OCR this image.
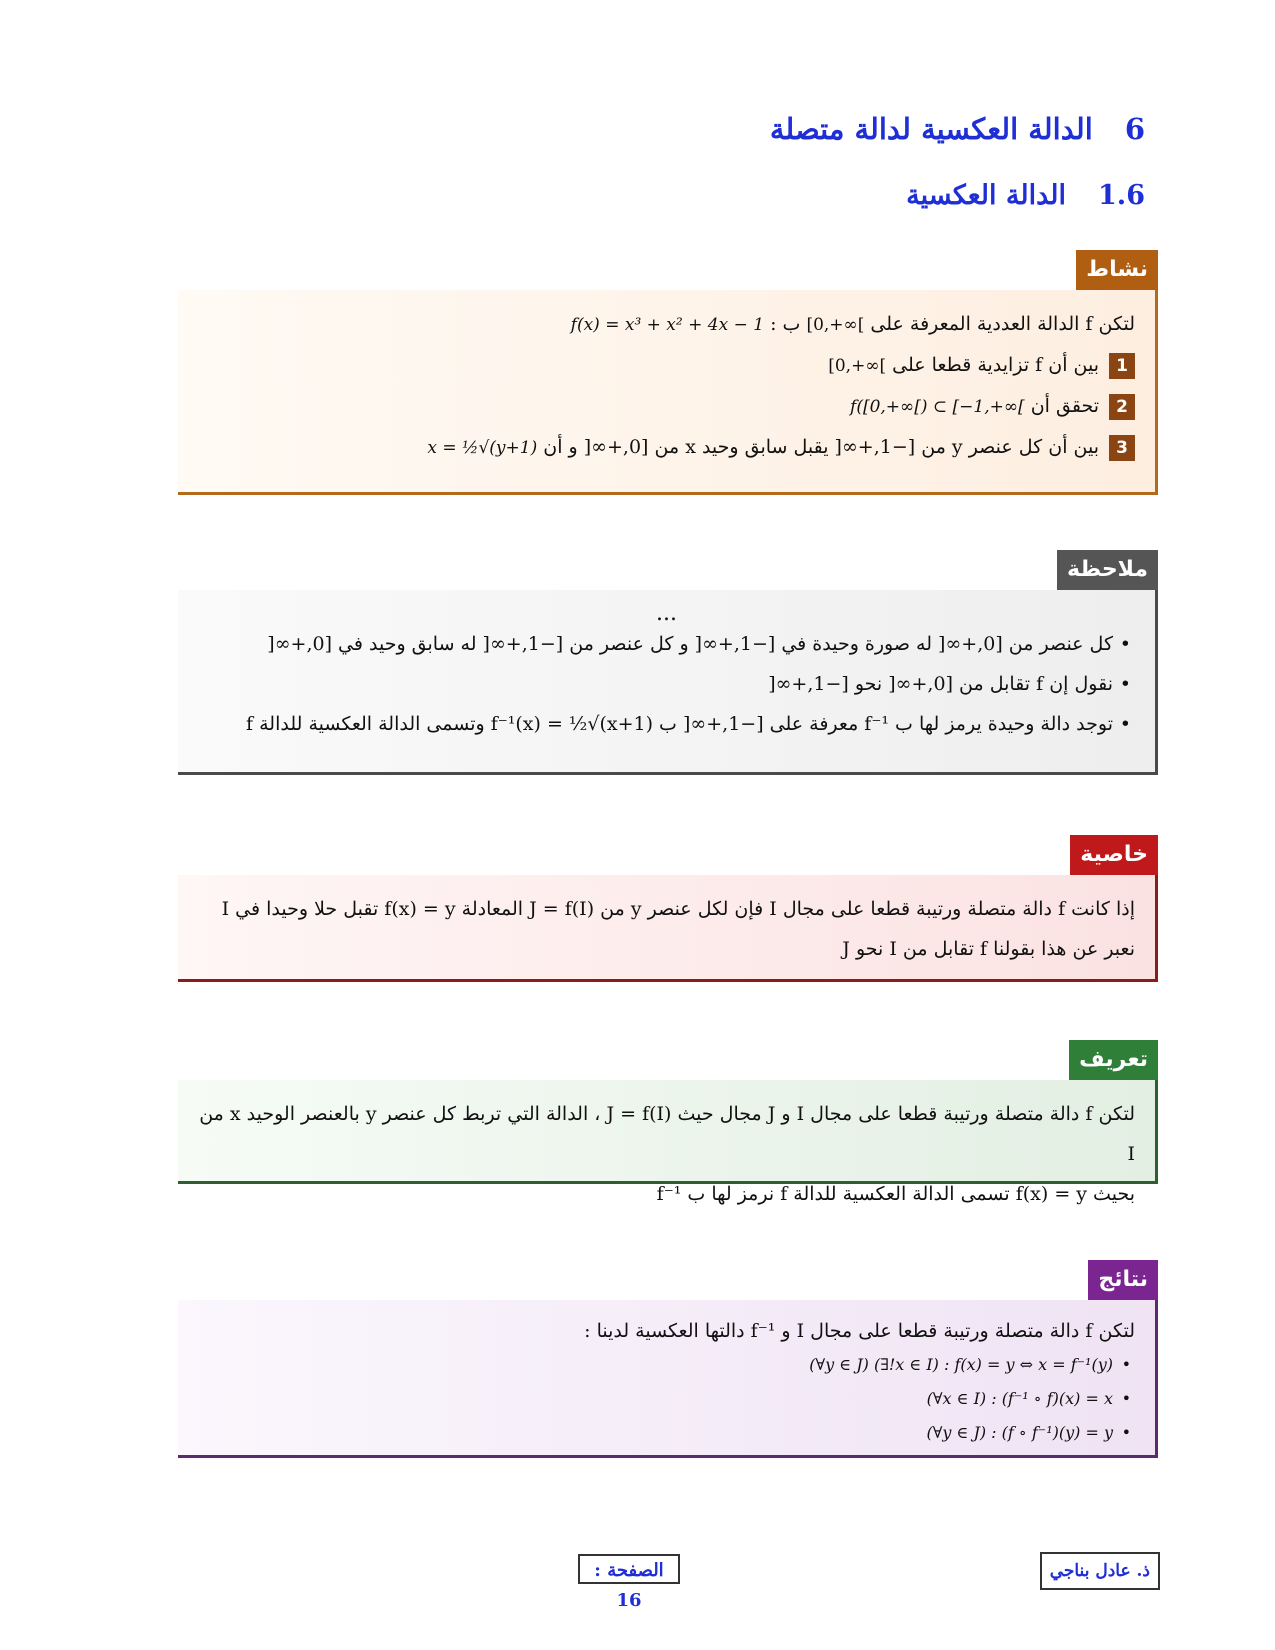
6الدالة العكسية لدالة متصلة
1.6الدالة العكسية
نشاط

لتكن f الدالة العددية المعرفة على [0,+∞[ ب : f(x) = x³ + x² + 4x − 1

1بين أن f تزايدية قطعا على [0,+∞[

2تحقق أن f([0,+∞[) ⊂ [−1,+∞[

3بين أن كل عنصر y من [−1,+∞[ يقبل سابق وحيد x من [0,+∞[ و أن x = ½√(y+1)

ملاحظة
...
• كل عنصر من [0,+∞[ له صورة وحيدة في [−1,+∞[ و كل عنصر من [−1,+∞[ له سابق وحيد في [0,+∞[
• نقول إن f تقابل من [0,+∞[ نحو [−1,+∞[
• توجد دالة وحيدة يرمز لها ب f⁻¹ معرفة على [−1,+∞[ ب f⁻¹(x) = ½√(x+1) وتسمى الدالة العكسية للدالة f
خاصية

إذا كانت f دالة متصلة ورتيبة قطعا على مجال I فإن لكل عنصر y من J = f(I) المعادلة f(x) = y تقبل حلا وحيدا في I

نعبر عن هذا بقولنا f تقابل من I نحو J

تعريف

لتكن f دالة متصلة ورتيبة قطعا على مجال I و J مجال حيث J = f(I) ، الدالة التي تربط كل عنصر y بالعنصر الوحيد x من I

بحيث f(x) = y تسمى الدالة العكسية للدالة f نرمز لها ب f⁻¹

نتائج

لتكن f دالة متصلة ورتيبة قطعا على مجال I و f⁻¹ دالتها العكسية لدينا :

• (∀y ∈ J) (∃!x ∈ I) : f(x) = y ⇔ x = f⁻¹(y)
• (∀x ∈ I) : (f⁻¹ ∘ f)(x) = x
• (∀y ∈ J) : (f ∘ f⁻¹)(y) = y
الصفحة : 16
ذ. عادل بناجي
